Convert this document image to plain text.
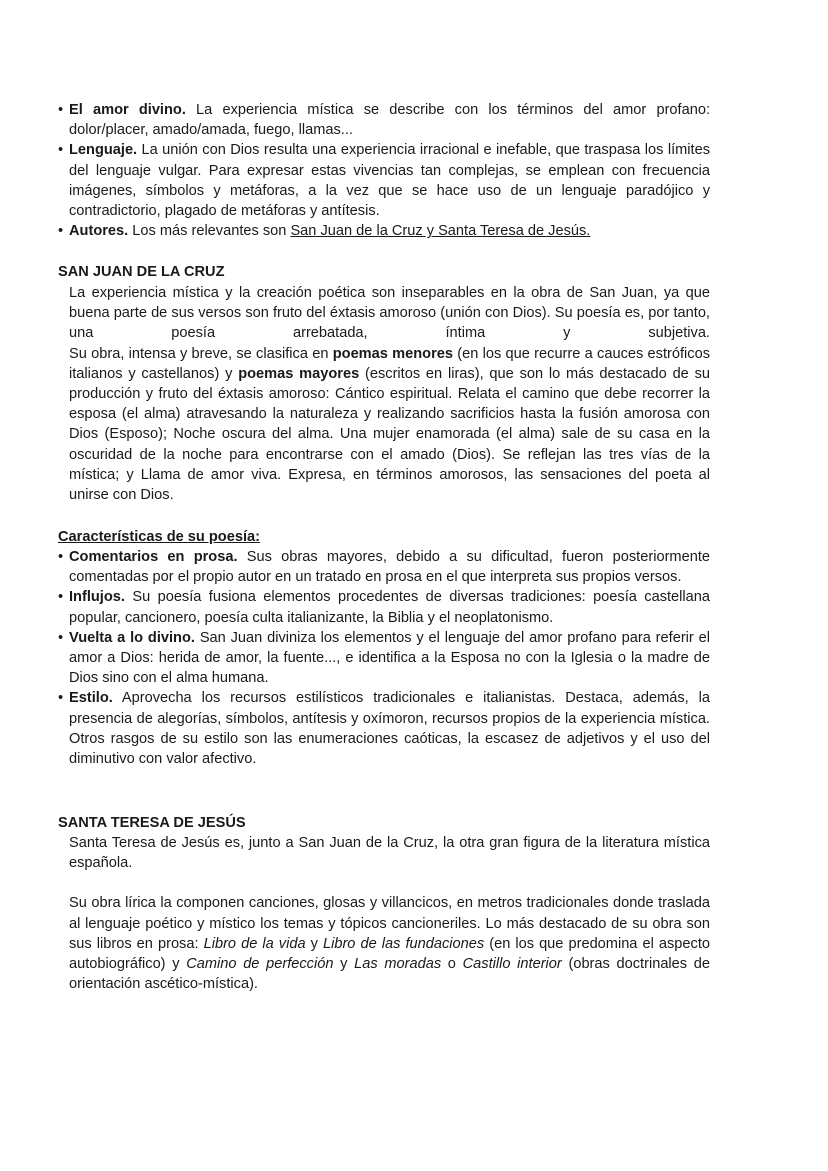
• El amor divino. La experiencia mística se describe con los términos del amor profano: dolor/placer, amado/amada, fuego, llamas...
• Lenguaje. La unión con Dios resulta una experiencia irracional e inefable, que traspasa los límites del lenguaje vulgar. Para expresar estas vivencias tan complejas, se emplean con frecuencia imágenes, símbolos y metáforas, a la vez que se hace uso de un lenguaje paradójico y contradictorio, plagado de metáforas y antítesis.
• Autores. Los más relevantes son San Juan de la Cruz y Santa Teresa de Jesús.
SAN JUAN DE LA CRUZ

La experiencia mística y la creación poética son inseparables en la obra de San Juan, ya que buena parte de sus versos son fruto del éxtasis amoroso (unión con Dios). Su poesía es, por tanto, una poesía arrebatada, íntima y subjetiva.

Su obra, intensa y breve, se clasifica en poemas menores (en los que recurre a cauces estróficos italianos y castellanos) y poemas mayores (escritos en liras), que son lo más destacado de su producción y fruto del éxtasis amoroso: Cántico espiritual. Relata el camino que debe recorrer la esposa (el alma) atravesando la naturaleza y realizando sacrificios hasta la fusión amorosa con Dios (Esposo); Noche oscura del alma. Una mujer enamorada (el alma) sale de su casa en la oscuridad de la noche para encontrarse con el amado (Dios). Se reflejan las tres vías de la mística; y Llama de amor viva. Expresa, en términos amorosos, las sensaciones del poeta al unirse con Dios.

Características de su poesía:
• Comentarios en prosa. Sus obras mayores, debido a su dificultad, fueron posteriormente comentadas por el propio autor en un tratado en prosa en el que interpreta sus propios versos.
• Influjos. Su poesía fusiona elementos procedentes de diversas tradiciones: poesía castellana popular, cancionero, poesía culta italianizante, la Biblia y el neoplatonismo.
• Vuelta a lo divino. San Juan diviniza los elementos y el lenguaje del amor profano para referir el amor a Dios: herida de amor, la fuente..., e identifica a la Esposa no con la Iglesia o la madre de Dios sino con el alma humana.
• Estilo. Aprovecha los recursos estilísticos tradicionales e italianistas. Destaca, además, la presencia de alegorías, símbolos, antítesis y oxímoron, recursos propios de la experiencia mística. Otros rasgos de su estilo son las enumeraciones caóticas, la escasez de adjetivos y el uso del diminutivo con valor afectivo.
SANTA TERESA DE JESÚS

Santa Teresa de Jesús es, junto a San Juan de la Cruz, la otra gran figura de la literatura mística española.

Su obra lírica la componen canciones, glosas y villancicos, en metros tradicionales donde traslada al lenguaje poético y místico los temas y tópicos cancioneriles. Lo más destacado de su obra son sus libros en prosa: Libro de la vida y Libro de las fundaciones (en los que predomina el aspecto autobiográfico) y Camino de perfección y Las moradas o Castillo interior (obras doctrinales de orientación ascético-mística).
